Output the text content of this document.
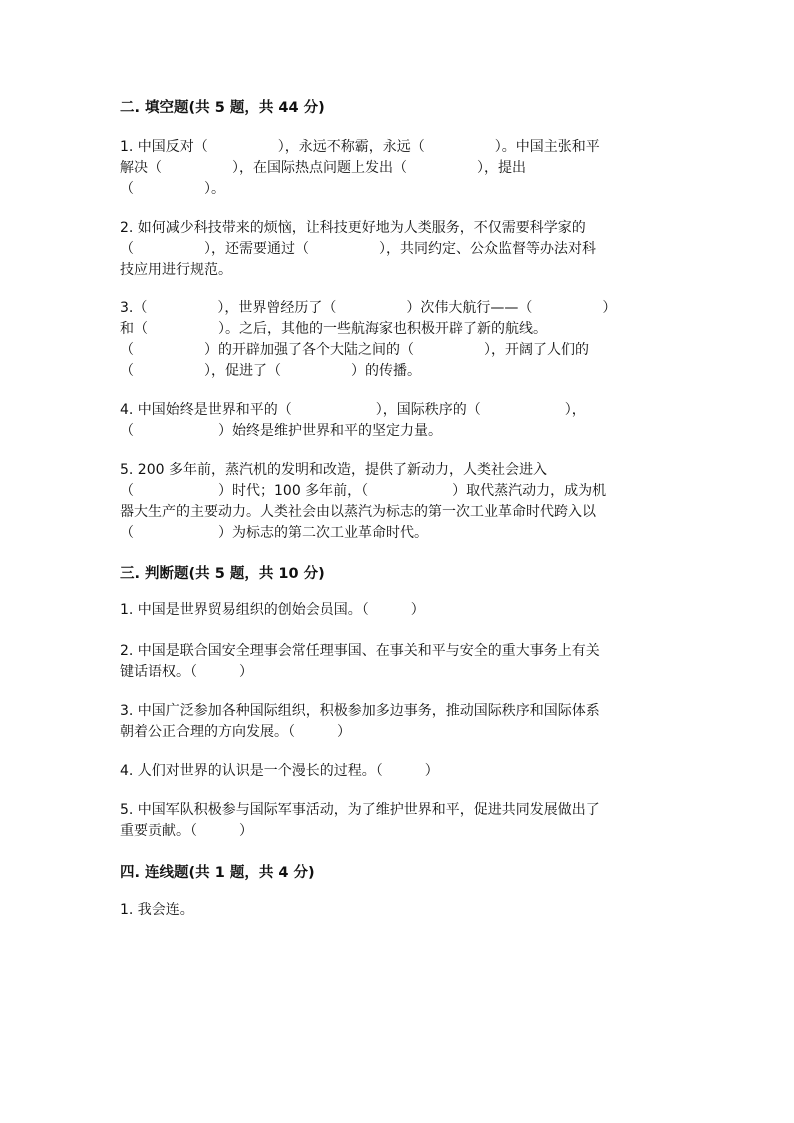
二. 填空题(共 5 题，共 44 分)
1. 中国反对（　　　　　），永远不称霸，永远（　　　　　）。中国主张和平
解决（　　　　　），在国际热点问题上发出（　　　　　），提出
（　　　　　）。
2. 如何减少科技带来的烦恼，让科技更好地为人类服务，不仅需要科学家的
（　　　　　），还需要通过（　　　　　），共同约定、公众监督等办法对科
技应用进行规范。
3.（　　　　　），世界曾经历了（　　　　　）次伟大航行——（　　　　　）
和（　　　　　）。之后，其他的一些航海家也积极开辟了新的航线。
（　　　　　）的开辟加强了各个大陆之间的（　　　　　），开阔了人们的
（　　　　　），促进了（　　　　　）的传播。
4. 中国始终是世界和平的（　　　　　　），国际秩序的（　　　　　　），
（　　　　　　）始终是维护世界和平的坚定力量。
5. 200 多年前，蒸汽机的发明和改造，提供了新动力，人类社会进入
（　　　　　　）时代；100 多年前，（　　　　　　）取代蒸汽动力，成为机
器大生产的主要动力。人类社会由以蒸汽为标志的第一次工业革命时代跨入以
（　　　　　　）为标志的第二次工业革命时代。
三. 判断题(共 5 题，共 10 分)
1. 中国是世界贸易组织的创始会员国。（　　　）
2. 中国是联合国安全理事会常任理事国、在事关和平与安全的重大事务上有关
键话语权。（　　　）
3. 中国广泛参加各种国际组织，积极参加多边事务，推动国际秩序和国际体系
朝着公正合理的方向发展。（　　　）
4. 人们对世界的认识是一个漫长的过程。（　　　）
5. 中国军队积极参与国际军事活动，为了维护世界和平，促进共同发展做出了
重要贡献。（　　　）
四. 连线题(共 1 题，共 4 分)
1. 我会连。
